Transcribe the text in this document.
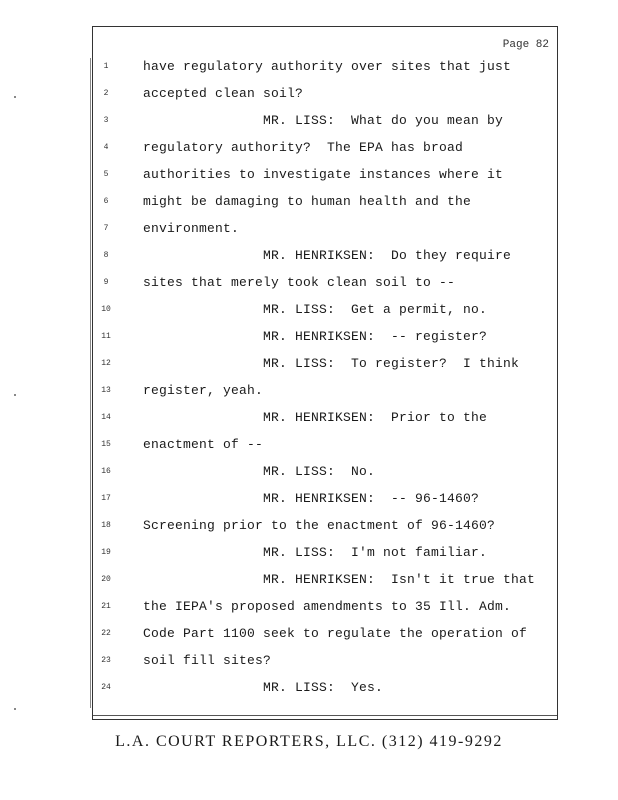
Page 82
1	have regulatory authority over sites that just
2	accepted clean soil?
3	MR. LISS:  What do you mean by
4	regulatory authority?  The EPA has broad
5	authorities to investigate instances where it
6	might be damaging to human health and the
7	environment.
8	MR. HENRIKSEN:  Do they require
9	sites that merely took clean soil to --
10	MR. LISS:  Get a permit, no.
11	MR. HENRIKSEN:  -- register?
12	MR. LISS:  To register?  I think
13	register, yeah.
14	MR. HENRIKSEN:  Prior to the
15	enactment of --
16	MR. LISS:  No.
17	MR. HENRIKSEN:  -- 96-1460?
18	Screening prior to the enactment of 96-1460?
19	MR. LISS:  I'm not familiar.
20	MR. HENRIKSEN:  Isn't it true that
21	the IEPA's proposed amendments to 35 Ill. Adm.
22	Code Part 1100 seek to regulate the operation of
23	soil fill sites?
24	MR. LISS:  Yes.
L.A. COURT REPORTERS, LLC. (312) 419-9292
